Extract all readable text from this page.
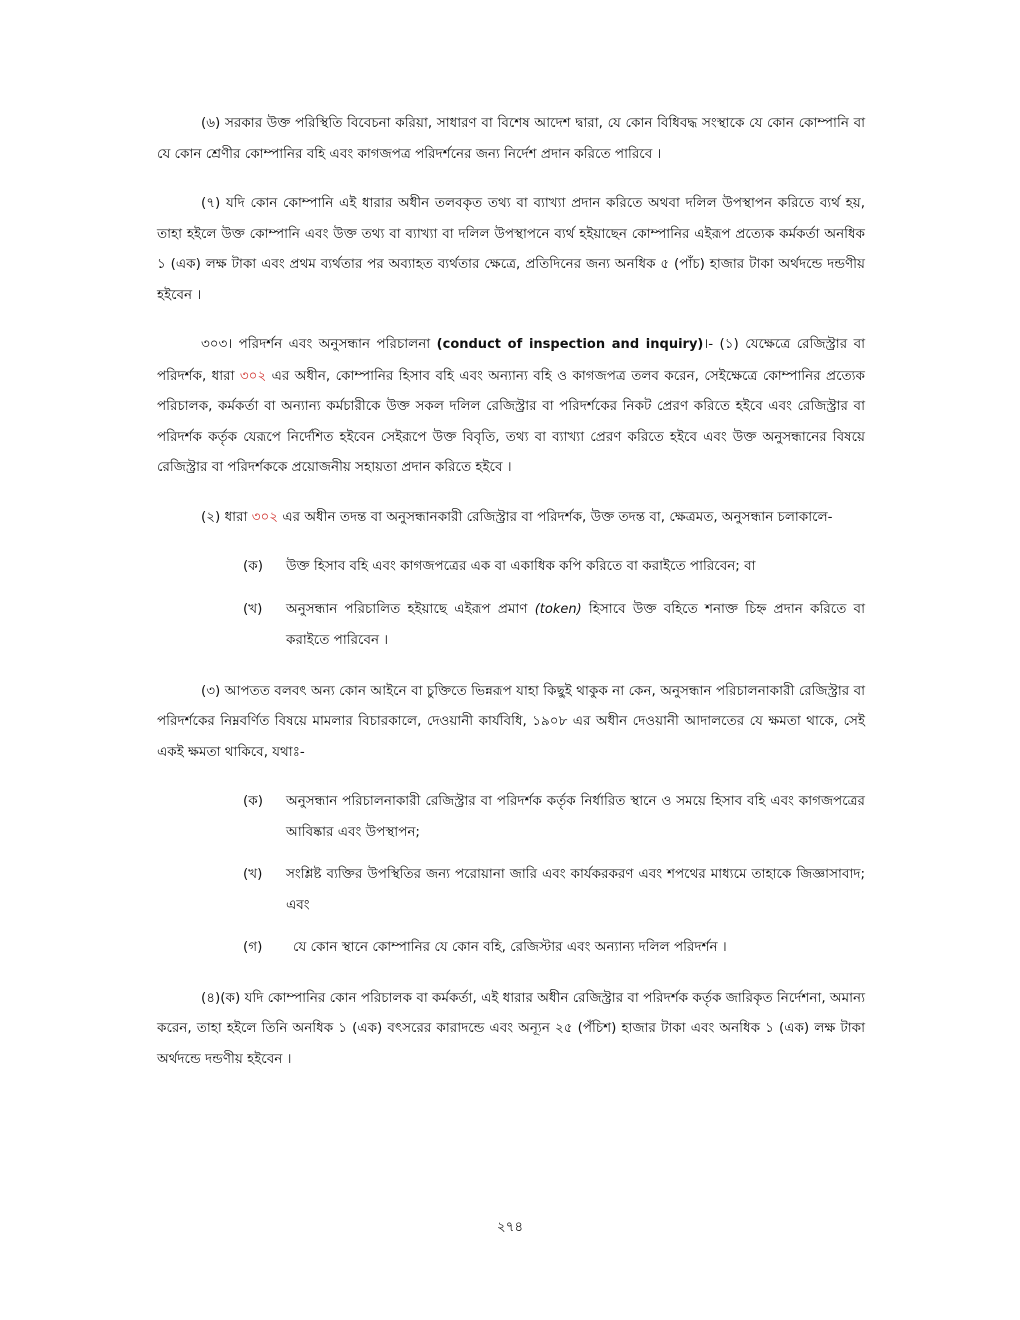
(৬) সরকার উক্ত পরিস্থিতি বিবেচনা করিয়া, সাধারণ বা বিশেষ আদেশ দ্বারা, যে কোন বিধিবদ্ধ সংস্থাকে যে কোন কোম্পানি বা যে কোন শ্রেণীর কোম্পানির বহি এবং কাগজপত্র পরিদর্শনের জন্য নির্দেশ প্রদান করিতে পারিবে ।

(৭) যদি কোন কোম্পানি এই ধারার অধীন তলবকৃত তথ্য বা ব্যাখ্যা প্রদান করিতে অথবা দলিল উপস্থাপন করিতে ব্যর্থ হয়, তাহা হইলে উক্ত কোম্পানি এবং উক্ত তথ্য বা ব্যাখ্যা বা দলিল উপস্থাপনে ব্যর্থ হইয়াছেন কোম্পানির এইরূপ প্রত্যেক কর্মকর্তা অনধিক ১ (এক) লক্ষ টাকা এবং প্রথম ব্যর্থতার পর অব্যাহত ব্যর্থতার ক্ষেত্রে, প্রতিদিনের জন্য অনধিক ৫ (পাঁচ) হাজার টাকা অর্থদন্ডে দন্ডণীয় হইবেন ।

৩০৩। পরিদর্শন এবং অনুসন্ধান পরিচালনা (conduct of inspection and inquiry)।- (১) যেক্ষেত্রে রেজিস্ট্রার বা পরিদর্শক, ধারা ৩০২ এর অধীন, কোম্পানির হিসাব বহি এবং অন্যান্য বহি ও কাগজপত্র তলব করেন, সেইক্ষেত্রে কোম্পানির প্রত্যেক পরিচালক, কর্মকর্তা বা অন্যান্য কর্মচারীকে উক্ত সকল দলিল রেজিস্ট্রার বা পরিদর্শকের নিকট প্রেরণ করিতে হইবে এবং রেজিস্ট্রার বা পরিদর্শক কর্তৃক যেরূপে নির্দেশিত হইবেন সেইরূপে উক্ত বিবৃতি, তথ্য বা ব্যাখ্যা প্রেরণ করিতে হইবে এবং উক্ত অনুসন্ধানের বিষয়ে রেজিস্ট্রার বা পরিদর্শককে প্রয়োজনীয় সহায়তা প্রদান করিতে হইবে ।

(২) ধারা ৩০২ এর অধীন তদন্ত বা অনুসন্ধানকারী রেজিস্ট্রার বা পরিদর্শক, উক্ত তদন্ত বা, ক্ষেত্রমত, অনুসন্ধান চলাকালে-

(ক)	উক্ত হিসাব বহি এবং কাগজপত্রের এক বা একাধিক কপি করিতে বা করাইতে পারিবেন; বা
(খ)	অনুসন্ধান পরিচালিত হইয়াছে এইরূপ প্রমাণ (token) হিসাবে উক্ত বহিতে শনাক্ত চিহ্ন প্রদান করিতে বা করাইতে পারিবেন ।

(৩) আপতত বলবৎ অন্য কোন আইনে বা চুক্তিতে ভিন্নরূপ যাহা কিছুই থাকুক না কেন, অনুসন্ধান পরিচালনাকারী রেজিস্ট্রার বা পরিদর্শকের নিম্নবর্ণিত বিষয়ে মামলার বিচারকালে, দেওয়ানী কার্যবিধি, ১৯০৮ এর অধীন দেওয়ানী আদালতের যে ক্ষমতা থাকে, সেই একই ক্ষমতা থাকিবে, যথাঃ-

(ক)	অনুসন্ধান পরিচালনাকারী রেজিস্ট্রার বা পরিদর্শক কর্তৃক নির্ধারিত স্থানে ও সময়ে হিসাব বহি এবং কাগজপত্রের আবিষ্কার এবং উপস্থাপন;
(খ)	সংশ্লিষ্ট ব্যক্তির উপস্থিতির জন্য পরোয়ানা জারি এবং কার্যকরকরণ এবং শপথের মাধ্যমে তাহাকে জিজ্ঞাসাবাদ; এবং
(গ)	যে কোন স্থানে কোম্পানির যে কোন বহি, রেজিস্টার এবং অন্যান্য দলিল পরিদর্শন ।

(৪)(ক) যদি কোম্পানির কোন পরিচালক বা কর্মকর্তা, এই ধারার অধীন রেজিস্ট্রার বা পরিদর্শক কর্তৃক জারিকৃত নির্দেশনা, অমান্য করেন, তাহা হইলে তিনি অনধিক ১ (এক) বৎসরের কারাদন্ডে এবং অন্যূন ২৫ (পঁচিশ) হাজার টাকা এবং অনধিক ১ (এক) লক্ষ টাকা অর্থদন্ডে দন্ডণীয় হইবেন ।

২৭৪
